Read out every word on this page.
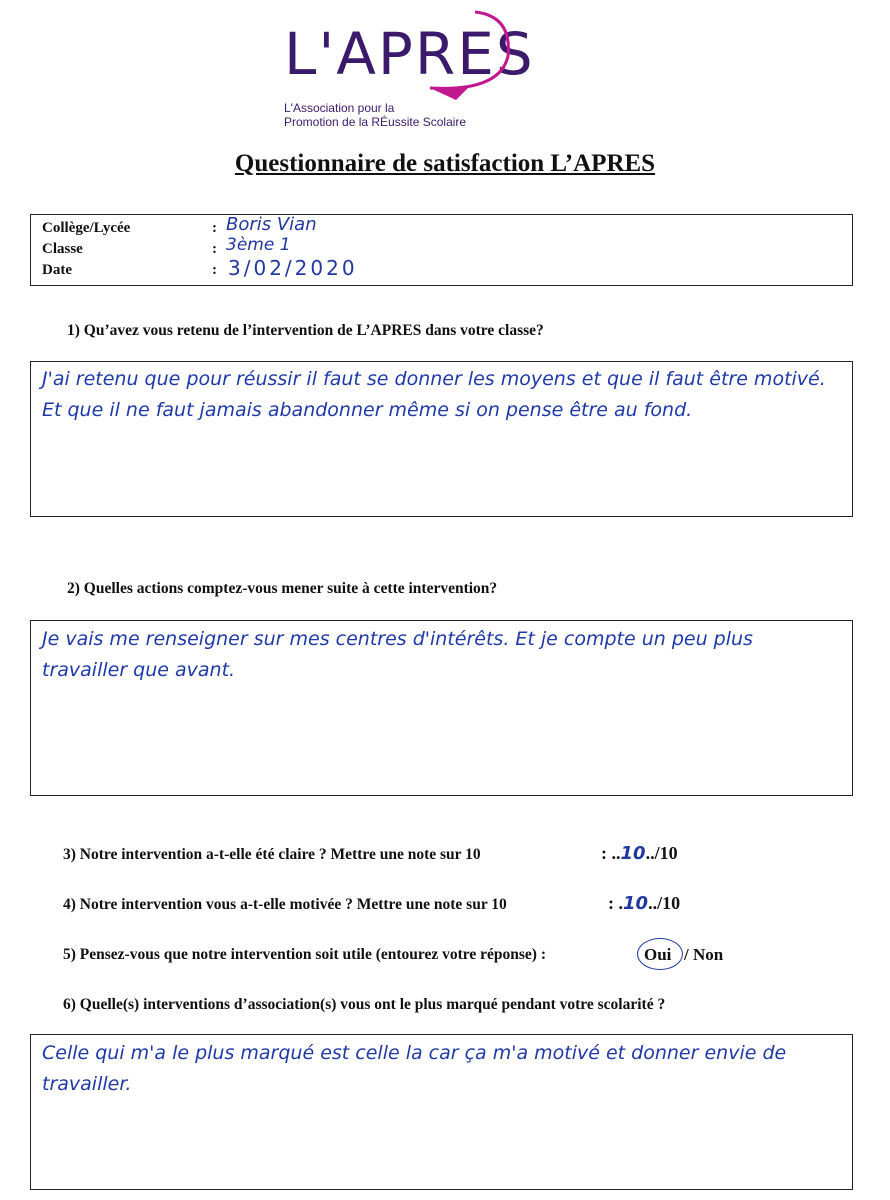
L'APRES
L'Association pour la
Promotion de la RÉussite Scolaire
Questionnaire de satisfaction L’APRES
Collège/Lycée	: Boris Vian
Classe	: 3ème 1
Date	: 3/02/2020
1) Qu’avez vous retenu de l’intervention de L’APRES dans votre classe?
J'ai retenu que pour réussir il faut se donner les moyens et que il faut être motivé. Et que il ne faut jamais abandonner même si on pense être au fond.
2) Quelles actions comptez-vous mener suite à cette intervention?
Je vais me renseigner sur mes centres d'intérêts. Et je compte un peu plus travailler que avant.
3) Notre intervention a-t-elle été claire ? Mettre une note sur 10	: ..10../10
4) Notre intervention vous a-t-elle motivée ? Mettre une note sur 10	: .10../10
5) Pensez-vous que notre intervention soit utile (entourez votre réponse) :	Oui / Non
6) Quelle(s) interventions d’association(s) vous ont le plus marqué pendant votre scolarité ?
Celle qui m'a le plus marqué est celle la car ça m'a motivé et donner envie de travailler.
